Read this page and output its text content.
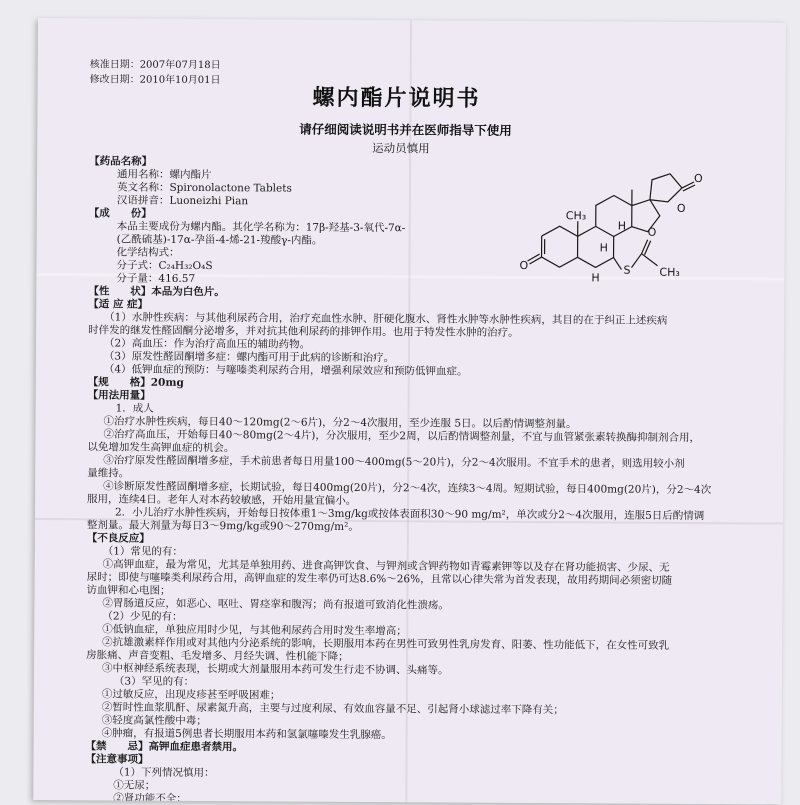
核准日期：2007年07月18日

修改日期：2010年10月01日

螺内酯片说明书

请仔细阅读说明书并在医师指导下使用

运动员慎用

【药品名称】

通用名称：螺内酯片

英文名称：Spironolactone Tablets

汉语拼音：Luoneizhi Pian

【成　　份】

本品主要成份为螺内酯。其化学名称为：17β-羟基-3-氧代-7α-

(乙酰硫基)-17α-孕甾-4-烯-21-羧酸γ-内酯。

化学结构式：

分子式：C₂₄H₃₂O₄S

分子量：416.57

O
O
O
O
S
H
H
H	CH₃
CH₃

【性　　状】本品为白色片。

【适 应 症】

（1）水肿性疾病：与其他利尿药合用，治疗充血性水肿、肝硬化腹水、肾性水肿等水肿性疾病，其目的在于纠正上述疾病

时伴发的继发性醛固酮分泌增多，并对抗其他利尿药的排钾作用。也用于特发性水肿的治疗。

（2）高血压：作为治疗高血压的辅助药物。

（3）原发性醛固酮增多症：螺内酯可用于此病的诊断和治疗。

（4）低钾血症的预防：与噻嗪类利尿药合用，增强利尿效应和预防低钾血症。

【规　　格】20mg

【用法用量】

1．成人

①治疗水肿性疾病，每日40～120mg(2～6片)，分2～4次服用，至少连服 5日。以后酌情调整剂量。

②治疗高血压，开始每日40～80mg(2～4片)，分次服用，至少2周，以后酌情调整剂量，不宜与血管紧张素转换酶抑制剂合用，

以免增加发生高钾血症的机会。

③治疗原发性醛固酮增多症，手术前患者每日用量100～400mg(5～20片)，分2～4次服用。不宜手术的患者，则选用较小剂

量维持。

④诊断原发性醛固酮增多症，长期试验，每日400mg(20片)，分2～4次，连续3～4周。短期试验，每日400mg(20片)，分2～4次

服用，连续4日。老年人对本药较敏感，开始用量宜偏小。

2．小儿治疗水肿性疾病，开始每日按体重1～3mg/kg或按体表面积30～90 mg/m²，单次或分2～4次服用，连服5日后酌情调

整剂量。最大剂量为每日3～9mg/kg或90～270mg/m²。

【不良反应】

（1）常见的有：

①高钾血症，最为常见，尤其是单独用药、进食高钾饮食、与钾剂或含钾药物如青霉素钾等以及存在肾功能损害、少尿、无

尿时；即使与噻嗪类利尿药合用，高钾血症的发生率仍可达8.6%～26%，且常以心律失常为首发表现，故用药期间必须密切随

访血钾和心电图；

②胃肠道反应，如恶心、呕吐、胃痉挛和腹泻；尚有报道可致消化性溃疡。

（2）少见的有：

①低钠血症，单独应用时少见，与其他利尿药合用时发生率增高；

②抗雄激素样作用或对其他内分泌系统的影响，长期服用本药在男性可致男性乳房发育、阳萎、性功能低下，在女性可致乳

房胀痛、声音变粗、毛发增多、月经失调、性机能下降；

③中枢神经系统表现，长期或大剂量服用本药可发生行走不协调、头痛等。

（3）罕见的有：

①过敏反应，出现皮疹甚至呼吸困难；

②暂时性血浆肌酐、尿素氮升高，主要与过度利尿、有效血容量不足、引起肾小球滤过率下降有关；

③轻度高氯性酸中毒；

④肿瘤，有报道5例患者长期服用本药和氢氯噻嗪发生乳腺癌。

【禁　　忌】高钾血症患者禁用。

【注意事项】

（1）下列情况慎用：

①无尿；

②肾功能不全；
